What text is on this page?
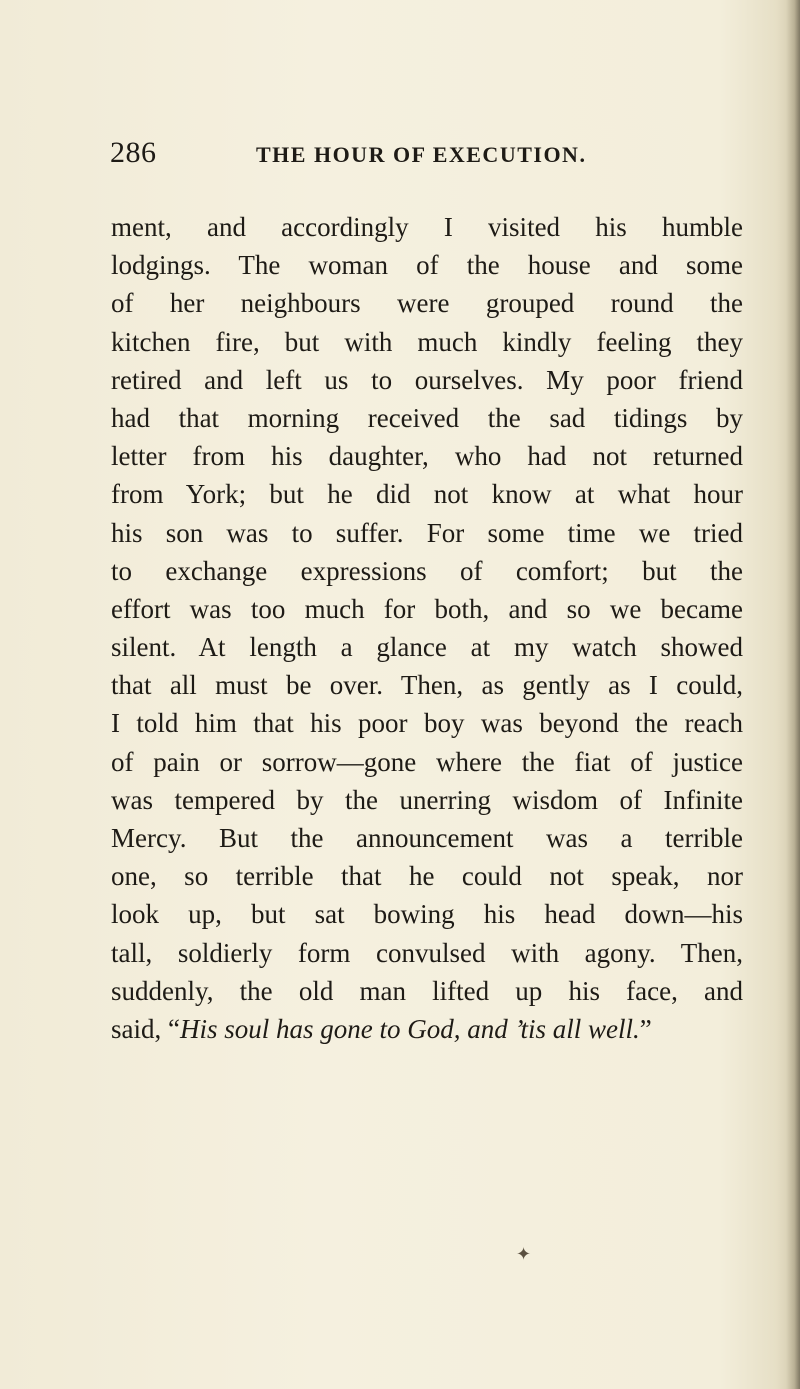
286	THE HOUR OF EXECUTION.
ment, and accordingly I visited his humble
lodgings. The woman of the house and some
of her neighbours were grouped round the
kitchen fire, but with much kindly feeling they
retired and left us to ourselves. My poor friend
had that morning received the sad tidings by
letter from his daughter, who had not returned
from York; but he did not know at what hour
his son was to suffer. For some time we tried
to exchange expressions of comfort; but the
effort was too much for both, and so we became
silent. At length a glance at my watch showed
that all must be over. Then, as gently as I could,
I told him that his poor boy was beyond the reach
of pain or sorrow—gone where the fiat of justice
was tempered by the unerring wisdom of Infinite
Mercy. But the announcement was a terrible
one, so terrible that he could not speak, nor
look up, but sat bowing his head down—his
tall, soldierly form convulsed with agony. Then,
suddenly, the old man lifted up his face, and
said, “His soul has gone to God, and ’tis all well.”
✦
